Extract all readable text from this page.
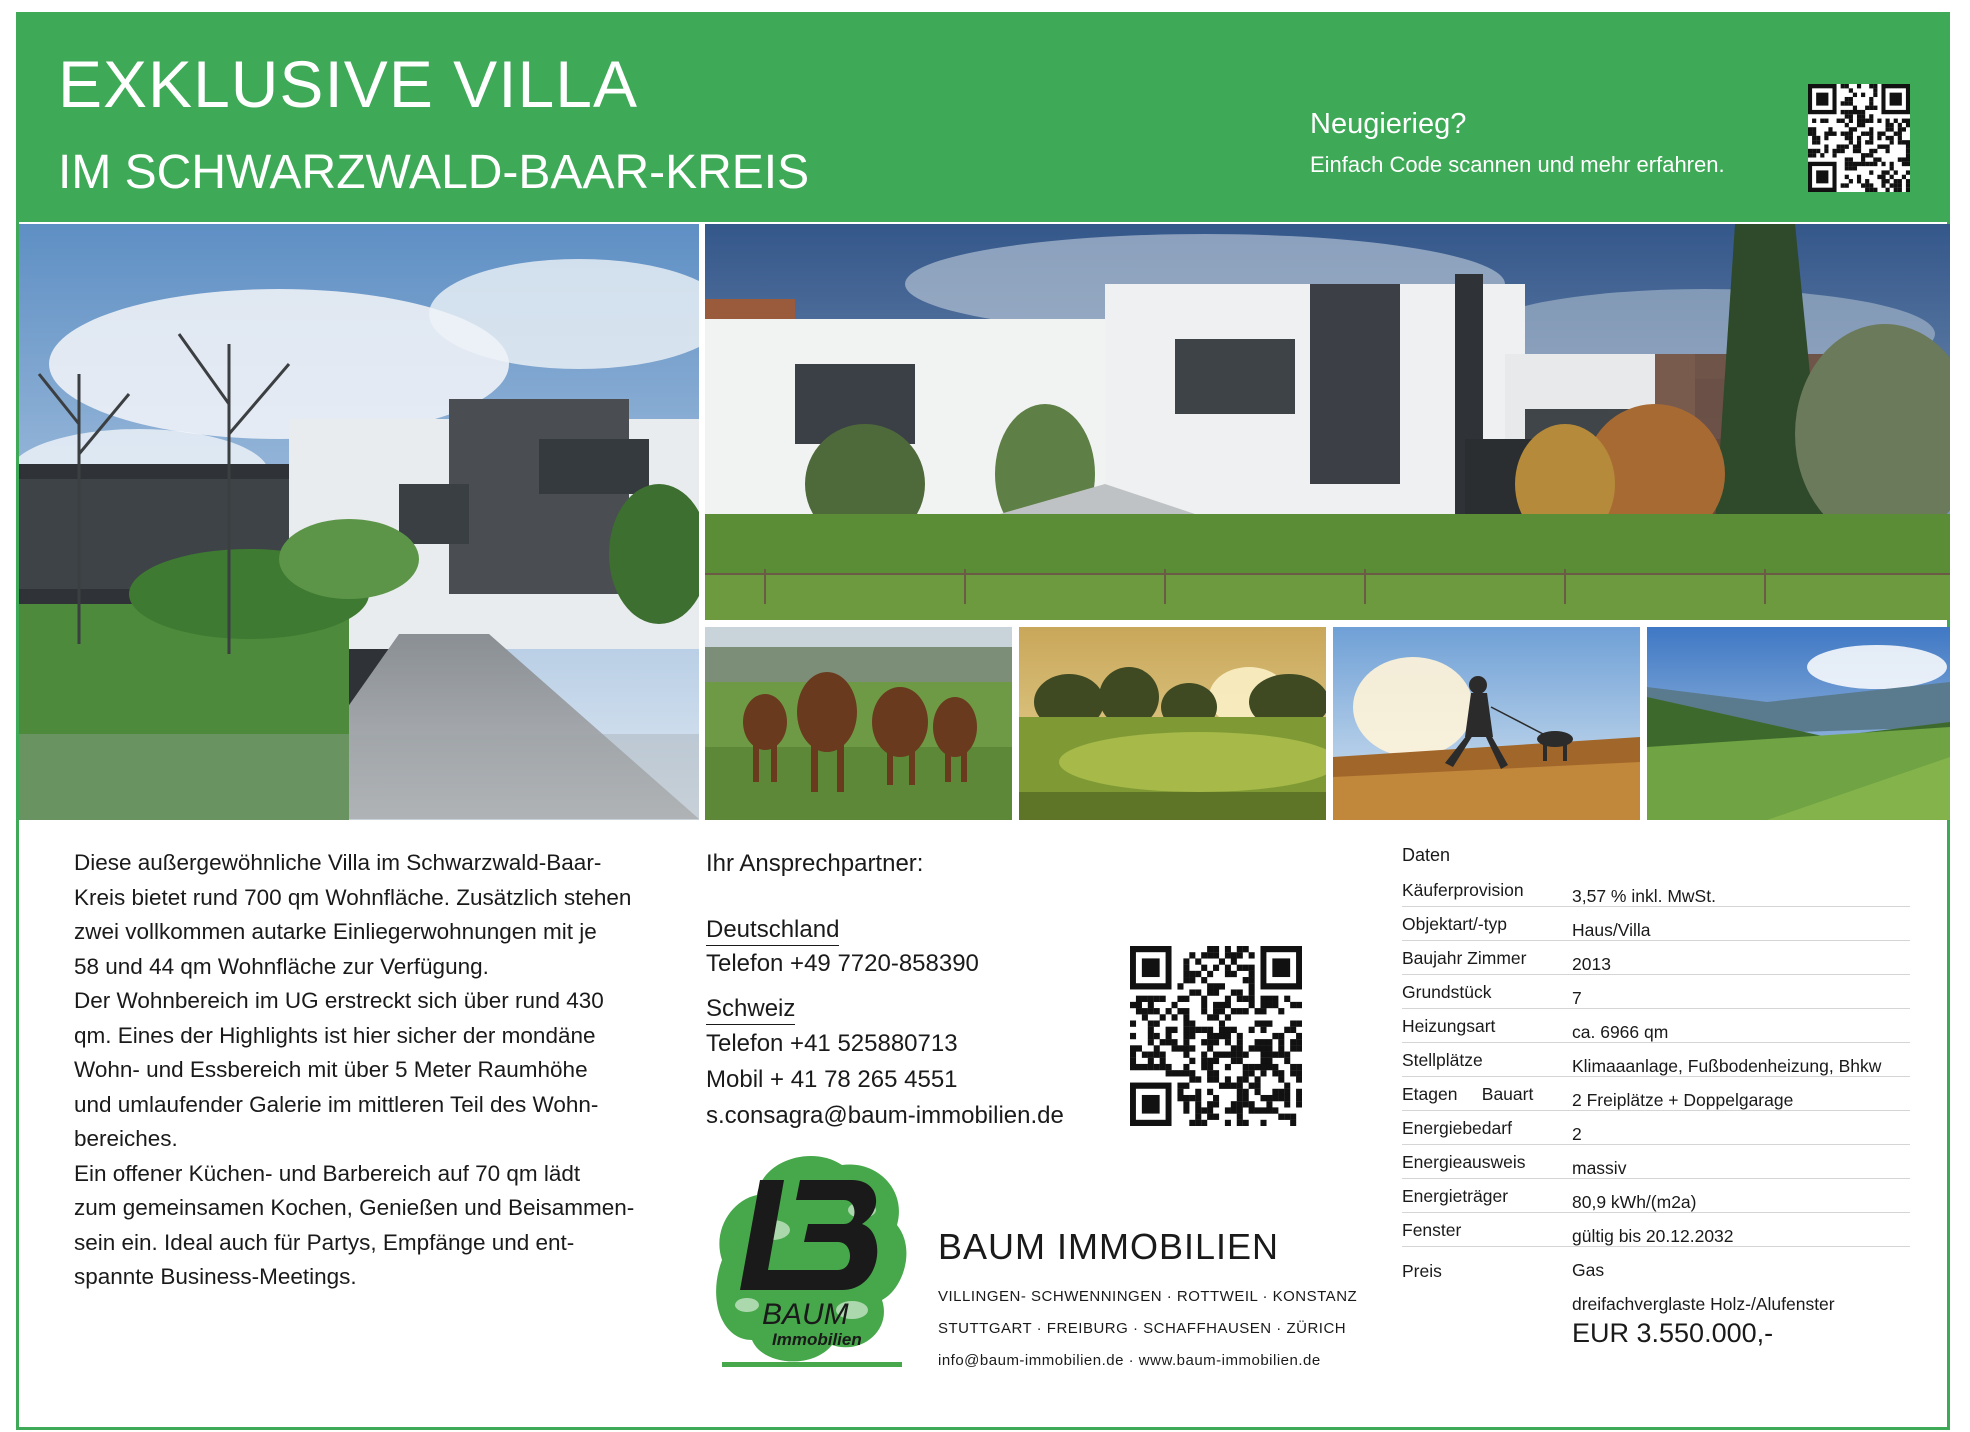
EXKLUSIVE VILLA
IM SCHWARZWALD-BAAR-KREIS
Neugierieg?
Einfach Code scannen und mehr erfahren.
Diese außergewöhnliche Villa im Schwarzwald-Baar-
Kreis bietet rund 700 qm Wohnfläche. Zusätzlich stehen
zwei vollkommen autarke Einliegerwohnungen mit je
58 und 44 qm Wohnfläche zur Verfügung.
Der Wohnbereich im UG erstreckt sich über rund 430
qm. Eines der Highlights ist hier sicher der mondäne
Wohn- und Essbereich mit über 5 Meter Raumhöhe
und umlaufender Galerie im mittleren Teil des Wohn-
bereiches.
Ein offener Küchen- und Barbereich auf 70 qm lädt
zum gemeinsamen Kochen, Genießen und Beisammen-
sein ein. Ideal auch für Partys, Empfänge und ent-
spannte Business-Meetings.
Ihr Ansprechpartner:
Deutschland
Telefon +49 7720-858390
Schweiz
Telefon +41 525880713
Mobil + 41 78 265 4551
s.consagra@baum-immobilien.de
BAUM
Immobilien
BAUM IMMOBILIEN
VILLINGEN- SCHWENNINGEN · ROTTWEIL · KONSTANZ
STUTTGART · FREIBURG · SCHAFFHAUSEN · ZÜRICH
info@baum-immobilien.de · www.baum-immobilien.de
Daten
Käuferprovision
Objektart/-typ
Baujahr Zimmer
Grundstück
Heizungsart
Stellplätze
Etagen     Bauart
Energiebedarf
Energieausweis
Energieträger
Fenster
Preis
3,57 % inkl. MwSt.
Haus/Villa
2013
7
ca. 6966 qm
Klimaaanlage, Fußbodenheizung, Bhkw
2 Freiplätze + Doppelgarage
2
massiv
80,9 kWh/(m2a)
gültig bis 20.12.2032
Gas
dreifachverglaste Holz-/Alufenster
EUR 3.550.000,-
